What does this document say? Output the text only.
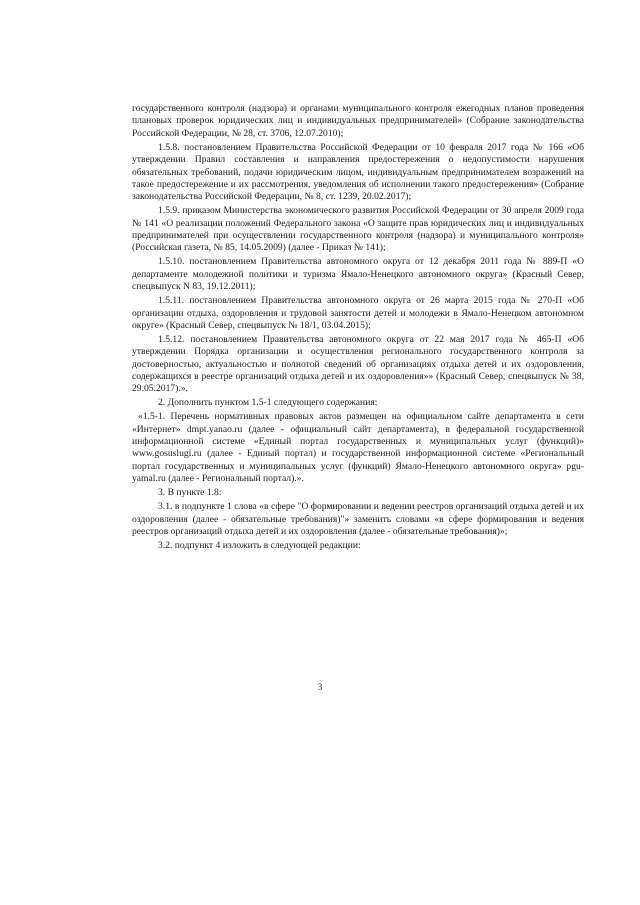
государственного контроля (надзора) и органами муниципального контроля ежегодных планов проведения плановых проверок юридических лиц и индивидуальных предпринимателей» (Собрание законодательства Российской Федерации, № 28, ст. 3706, 12.07.2010);

1.5.8. постановлением Правительства Российской Федерации от 10 февраля 2017 года № 166 «Об утверждении Правил составления и направления предостережения о недопустимости нарушения обязательных требований, подачи юридическим лицом, индивидуальным предпринимателем возражений на такое предостережение и их рассмотрения, уведомления об исполнении такого предостережения» (Собрание законодательства Российской Федерации, № 8, ст. 1239, 20.02.2017);

1.5.9. приказом Министерства экономического развития Российской Федерации от 30 апреля 2009 года № 141 «О реализации положений Федерального закона «О защите прав юридических лиц и индивидуальных предпринимателей при осуществлении государственного контроля (надзора) и муниципального контроля» (Российская газета, № 85, 14.05.2009) (далее - Приказ № 141);

1.5.10. постановлением Правительства автономного округа от 12 декабря 2011 года № 889-П «О департаменте молодежной политики и туризма Ямало-Ненецкого автономного округа» (Красный Север, спецвыпуск N 83, 19.12.2011);

1.5.11. постановлением Правительства автономного округа от 26 марта 2015 года № 270-П «Об организации отдыха, оздоровления и трудовой занятости детей и молодежи в Ямало-Ненецком автономном округе» (Красный Север, спецвыпуск № 18/1, 03.04.2015);

1.5.12. постановлением Правительства автономного округа от 22 мая 2017 года № 465-П «Об утверждении Порядка организации и осуществления регионального государственного контроля за достоверностью, актуальностью и полнотой сведений об организациях отдыха детей и их оздоровления, содержащихся в реестре организаций отдыха детей и их оздоровления»» (Красный Север, спецвыпуск № 38, 29.05.2017).».

2. Дополнить пунктом 1.5-1 следующего содержания:

«1.5-1. Перечень нормативных правовых актов размещен на официальном сайте департамента в сети «Интернет» dmpt.yanao.ru (далее - официальный сайт департамента), в федеральной государственной информационной системе «Единый портал государственных и муниципальных услуг (функций)» www.gosuslugi.ru (далее - Единый портал) и государственной информационной системе «Региональный портал государственных и муниципальных услуг (функций) Ямало-Ненецкого автономного округа» pgu-yamal.ru (далее - Региональный портал).».

3. В пункте 1.8:

3.1. в подпункте 1 слова «в сфере "О формировании и ведении реестров организаций отдыха детей и их оздоровления (далее - обязательные требования)"» заменить словами «в сфере формирования и ведения реестров организаций отдыха детей и их оздоровления (далее - обязательные требования)»;

3.2. подпункт 4 изложить в следующей редакции:

3
